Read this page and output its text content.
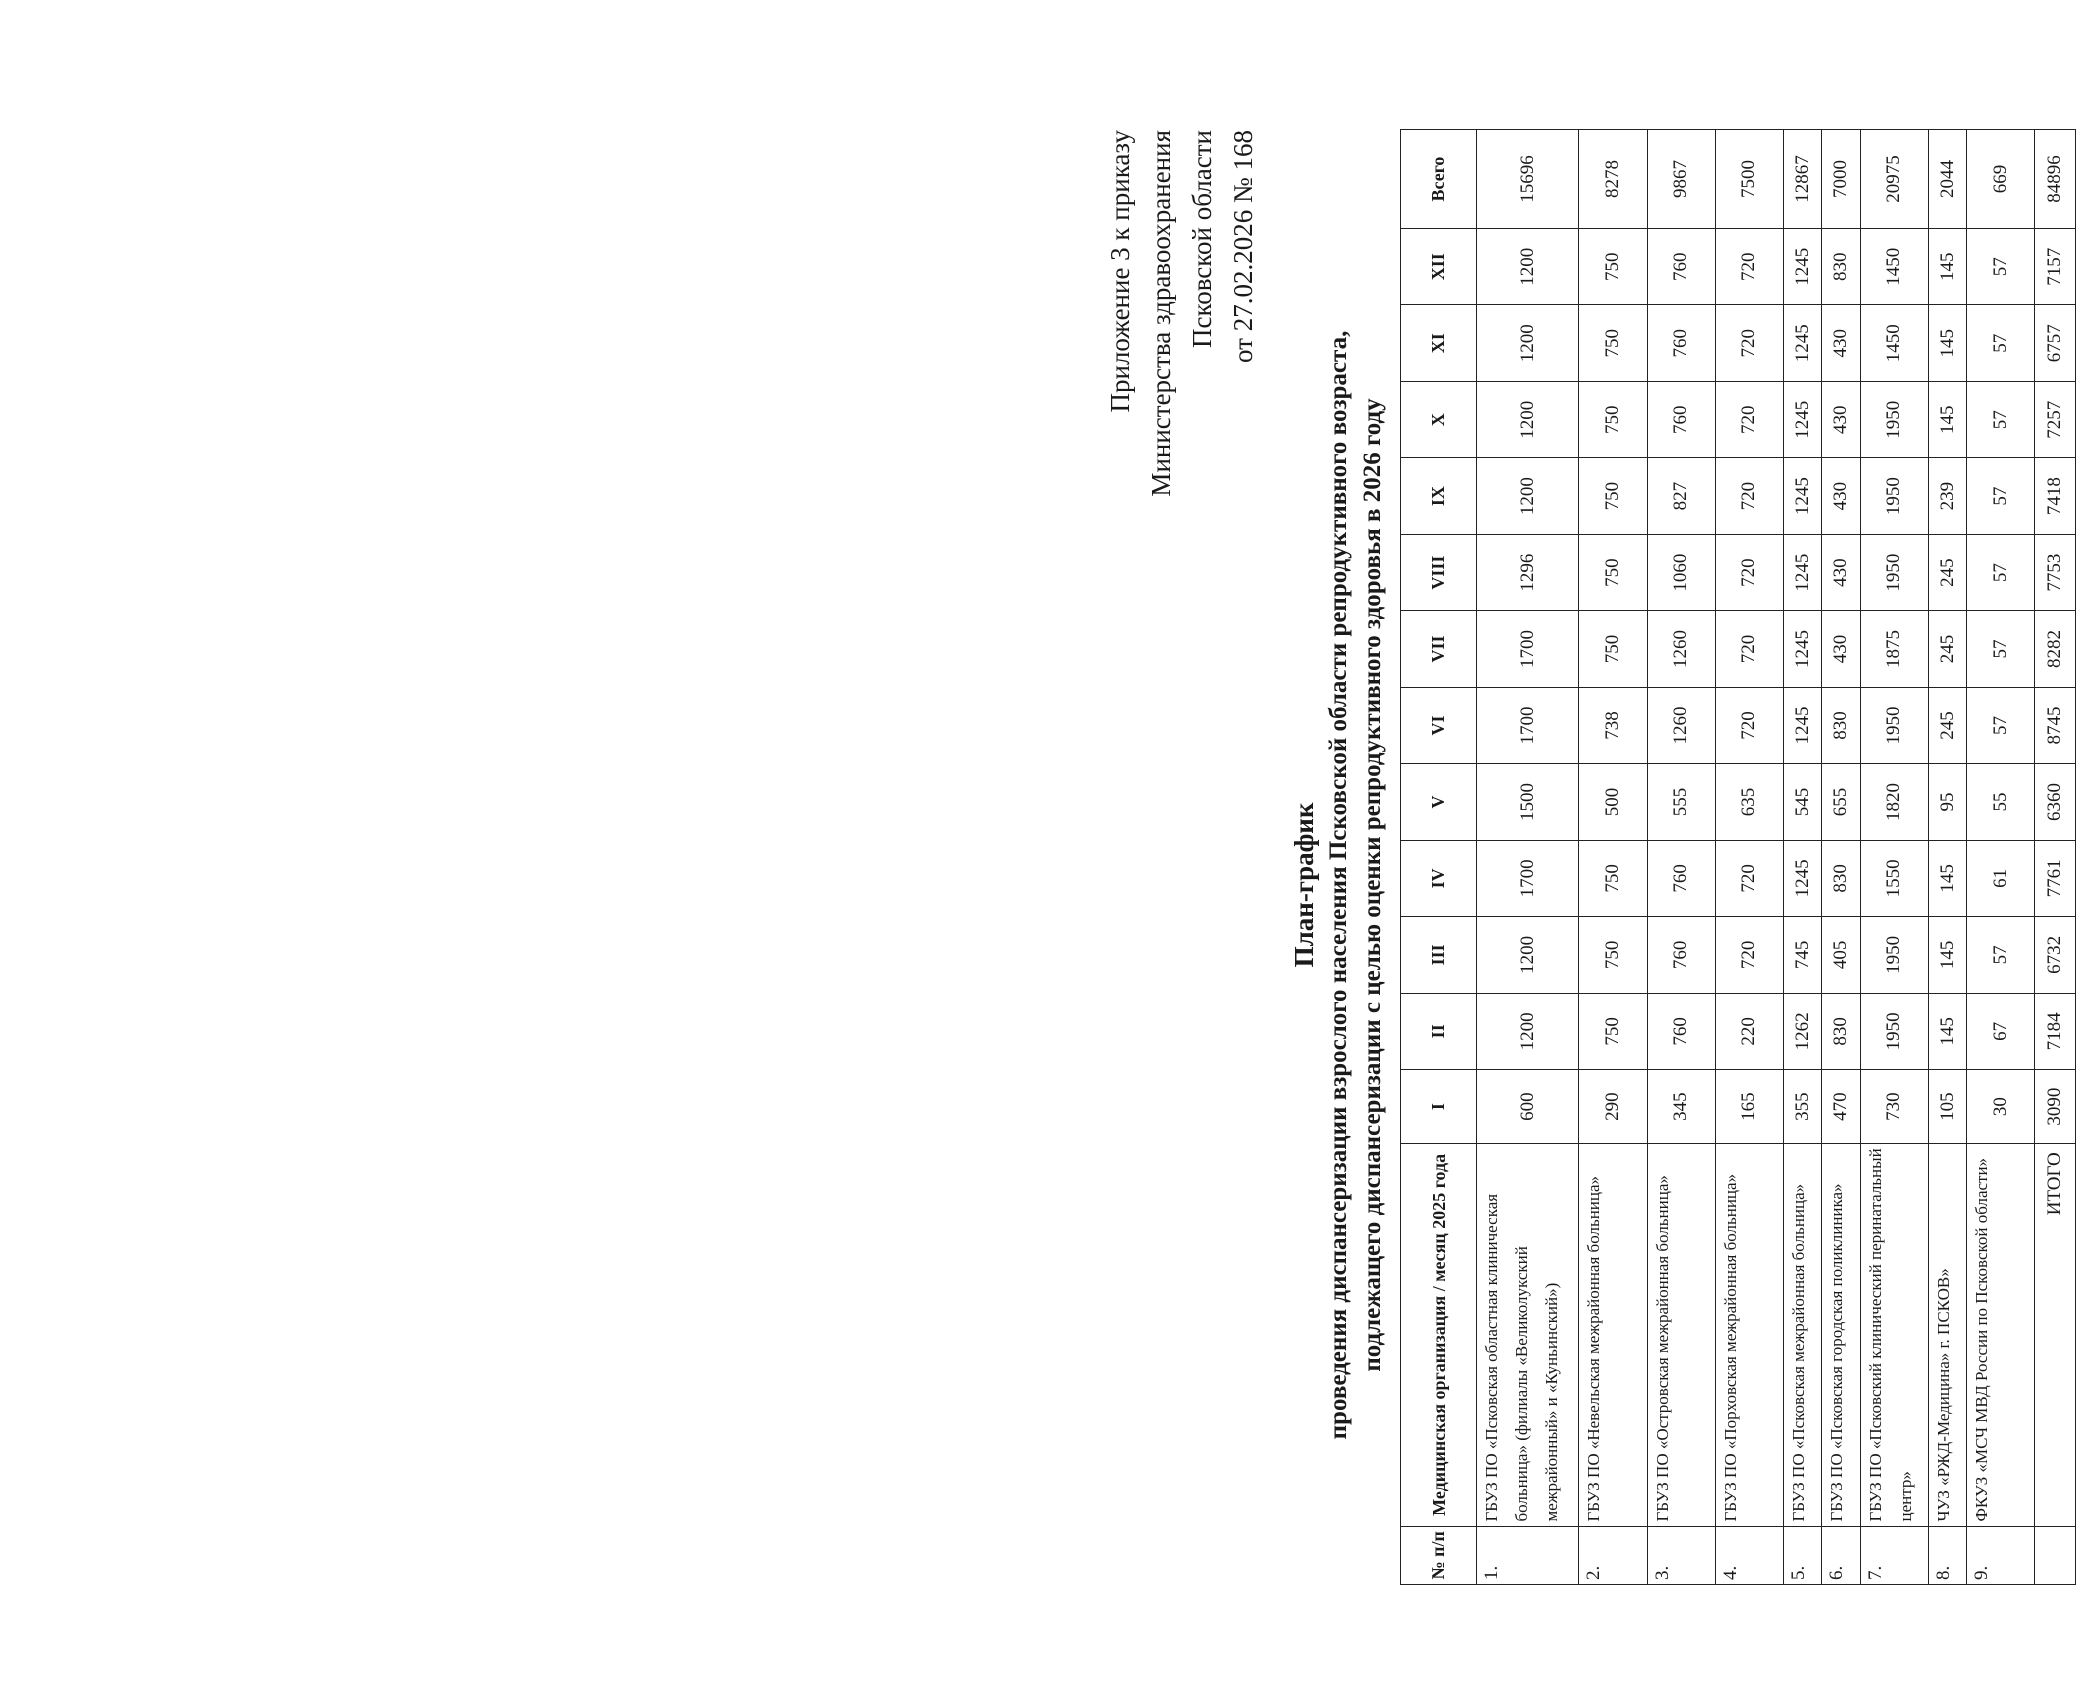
Приложение 3 к приказу Министерства здравоохранения Псковской области от 27.02.2026 № 168
План-график проведения диспансеризации взрослого населения Псковской области репродуктивного возраста, подлежащего диспансеризации с целью оценки репродуктивного здоровья в 2026 году
№ п/п	Медицинская организация / месяц 2025 года	I	II	III	IV	V	VI	VII	VIII	IX	X	XI	XII	Всего
1.	ГБУЗ ПО «Псковская областная клиническая больница» (филиалы «Великолукский межрайонный» и «Куньинский»)	600	1200	1200	1700	1500	1700	1700	1296	1200	1200	1200	1200	15696
2.	ГБУЗ ПО «Невельская межрайонная больница»	290	750	750	750	500	738	750	750	750	750	750	750	8278
3.	ГБУЗ ПО «Островская межрайонная больница»	345	760	760	760	555	1260	1260	1060	827	760	760	760	9867
4.	ГБУЗ ПО «Порховская межрайонная больница»	165	220	720	720	635	720	720	720	720	720	720	720	7500
5.	ГБУЗ ПО «Псковская межрайонная больница»	355	1262	745	1245	545	1245	1245	1245	1245	1245	1245	1245	12867
6.	ГБУЗ ПО «Псковская городская поликлиника»	470	830	405	830	655	830	430	430	430	430	430	830	7000
7.	ГБУЗ ПО «Псковский клинический перинатальный центр»	730	1950	1950	1550	1820	1950	1875	1950	1950	1950	1450	1450	20975
8.	ЧУЗ «РЖД-Медицина» г. ПСКОВ»	105	145	145	145	95	245	245	245	239	145	145	145	2044
9.	ФКУЗ «МСЧ МВД России по Псковской области»	30	67	57	61	55	57	57	57	57	57	57	57	669
	ИТОГО	3090	7184	6732	7761	6360	8745	8282	7753	7418	7257	6757	7157	84896
